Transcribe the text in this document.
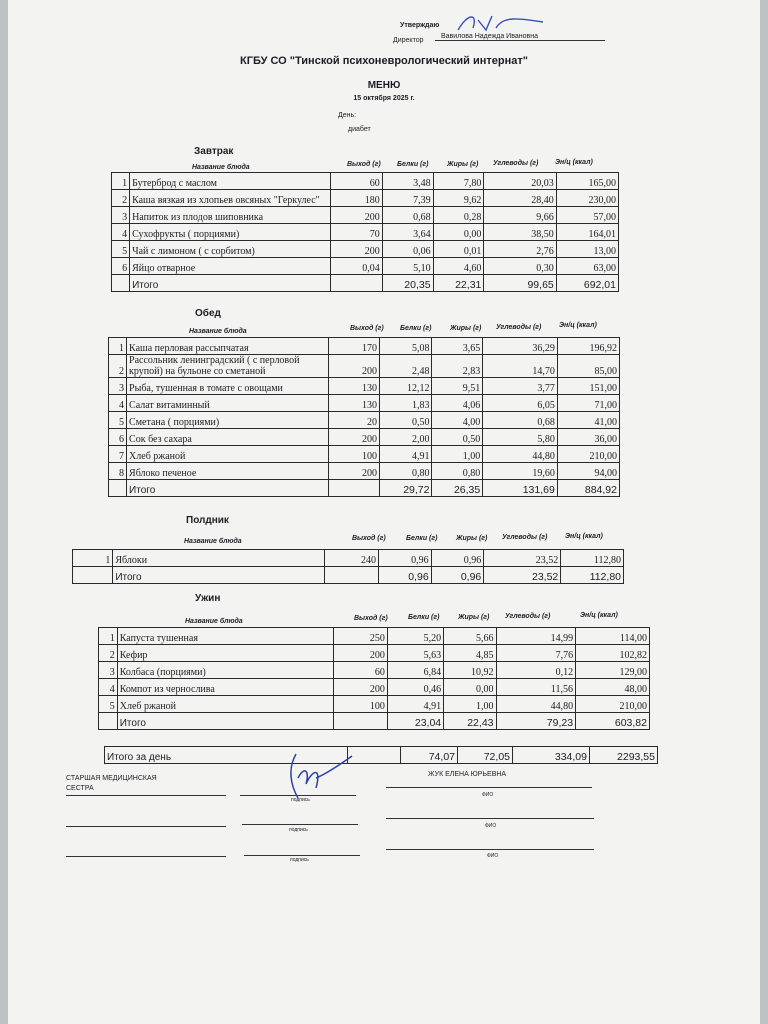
Утверждаю
Директор
Вавилова Надежда Ивановна
КГБУ СО "Тинской психоневрологический интернат"
МЕНЮ
15 октября 2025 г.
День:
диабет
Завтрак
Название блюда	Выход (г) Белки (г)	Жиры (г) Углеводы (г) Эн/ц (ккал)
1	Бутерброд с маслом	60	3,48	7,80	20,03	165,00
2	Каша вязкая из хлопьев овсяных "Геркулес"	180	7,39	9,62	28,40	230,00
3	Напиток из плодов шиповника	200	0,68	0,28	9,66	57,00
4	Сухофрукты ( порциями)	70	3,64	0,00	38,50	164,01
5	Чай с лимоном ( с сорбитом)	200	0,06	0,01	2,76	13,00
6	Яйцо отварное	0,04	5,10	4,60	0,30	63,00
	Итого		20,35	22,31	99,65	692,01
Обед
Название блюда	Выход (г) Белки (г)	Жиры (г) Углеводы (г)	Эн/ц (ккал)
1	Каша перловая рассыпчатая	170	5,08	3,65	36,29	196,92
2	Рассольник ленинградский ( с перловой крупой) на бульоне со сметаной	200	2,48	2,83	14,70	85,00
3	Рыба, тушенная в томате с овощами	130	12,12	9,51	3,77	151,00
4	Салат витаминный	130	1,83	4,06	6,05	71,00
5	Сметана ( порциями)	20	0,50	4,00	0,68	41,00
6	Сок без сахара	200	2,00	0,50	5,80	36,00
7	Хлеб ржаной	100	4,91	1,00	44,80	210,00
8	Яблоко печеное	200	0,80	0,80	19,60	94,00
	Итого		29,72	26,35	131,69	884,92
Полдник
Название блюда	Выход (г)	Белки (г)	Жиры (г) Углеводы (г)	Эн/ц (ккал)
1	Яблоки	240	0,96	0,96	23,52	112,80
	Итого		0,96	0,96	23,52	112,80
Ужин
Название блюда	Выход (г)	Белки (г)	Жиры (г) Углеводы (г)	Эн/ц (ккал)
1	Капуста тушенная	250	5,20	5,66	14,99	114,00
2	Кефир	200	5,63	4,85	7,76	102,82
3	Колбаса (порциями)	60	6,84	10,92	0,12	129,00
4	Компот из чернослива	200	0,46	0,00	11,56	48,00
5	Хлеб ржаной	100	4,91	1,00	44,80	210,00
	Итого		23,04	22,43	79,23	603,82
Итого за день		74,07	72,05	334,09	2293,55
СТАРШАЯ МЕДИЦИНСКАЯ СЕСТРА
подпись
ЖУК ЕЛЕНА ЮРЬЕВНА
ФИО
подпись
ФИО
подпись
ФИО
